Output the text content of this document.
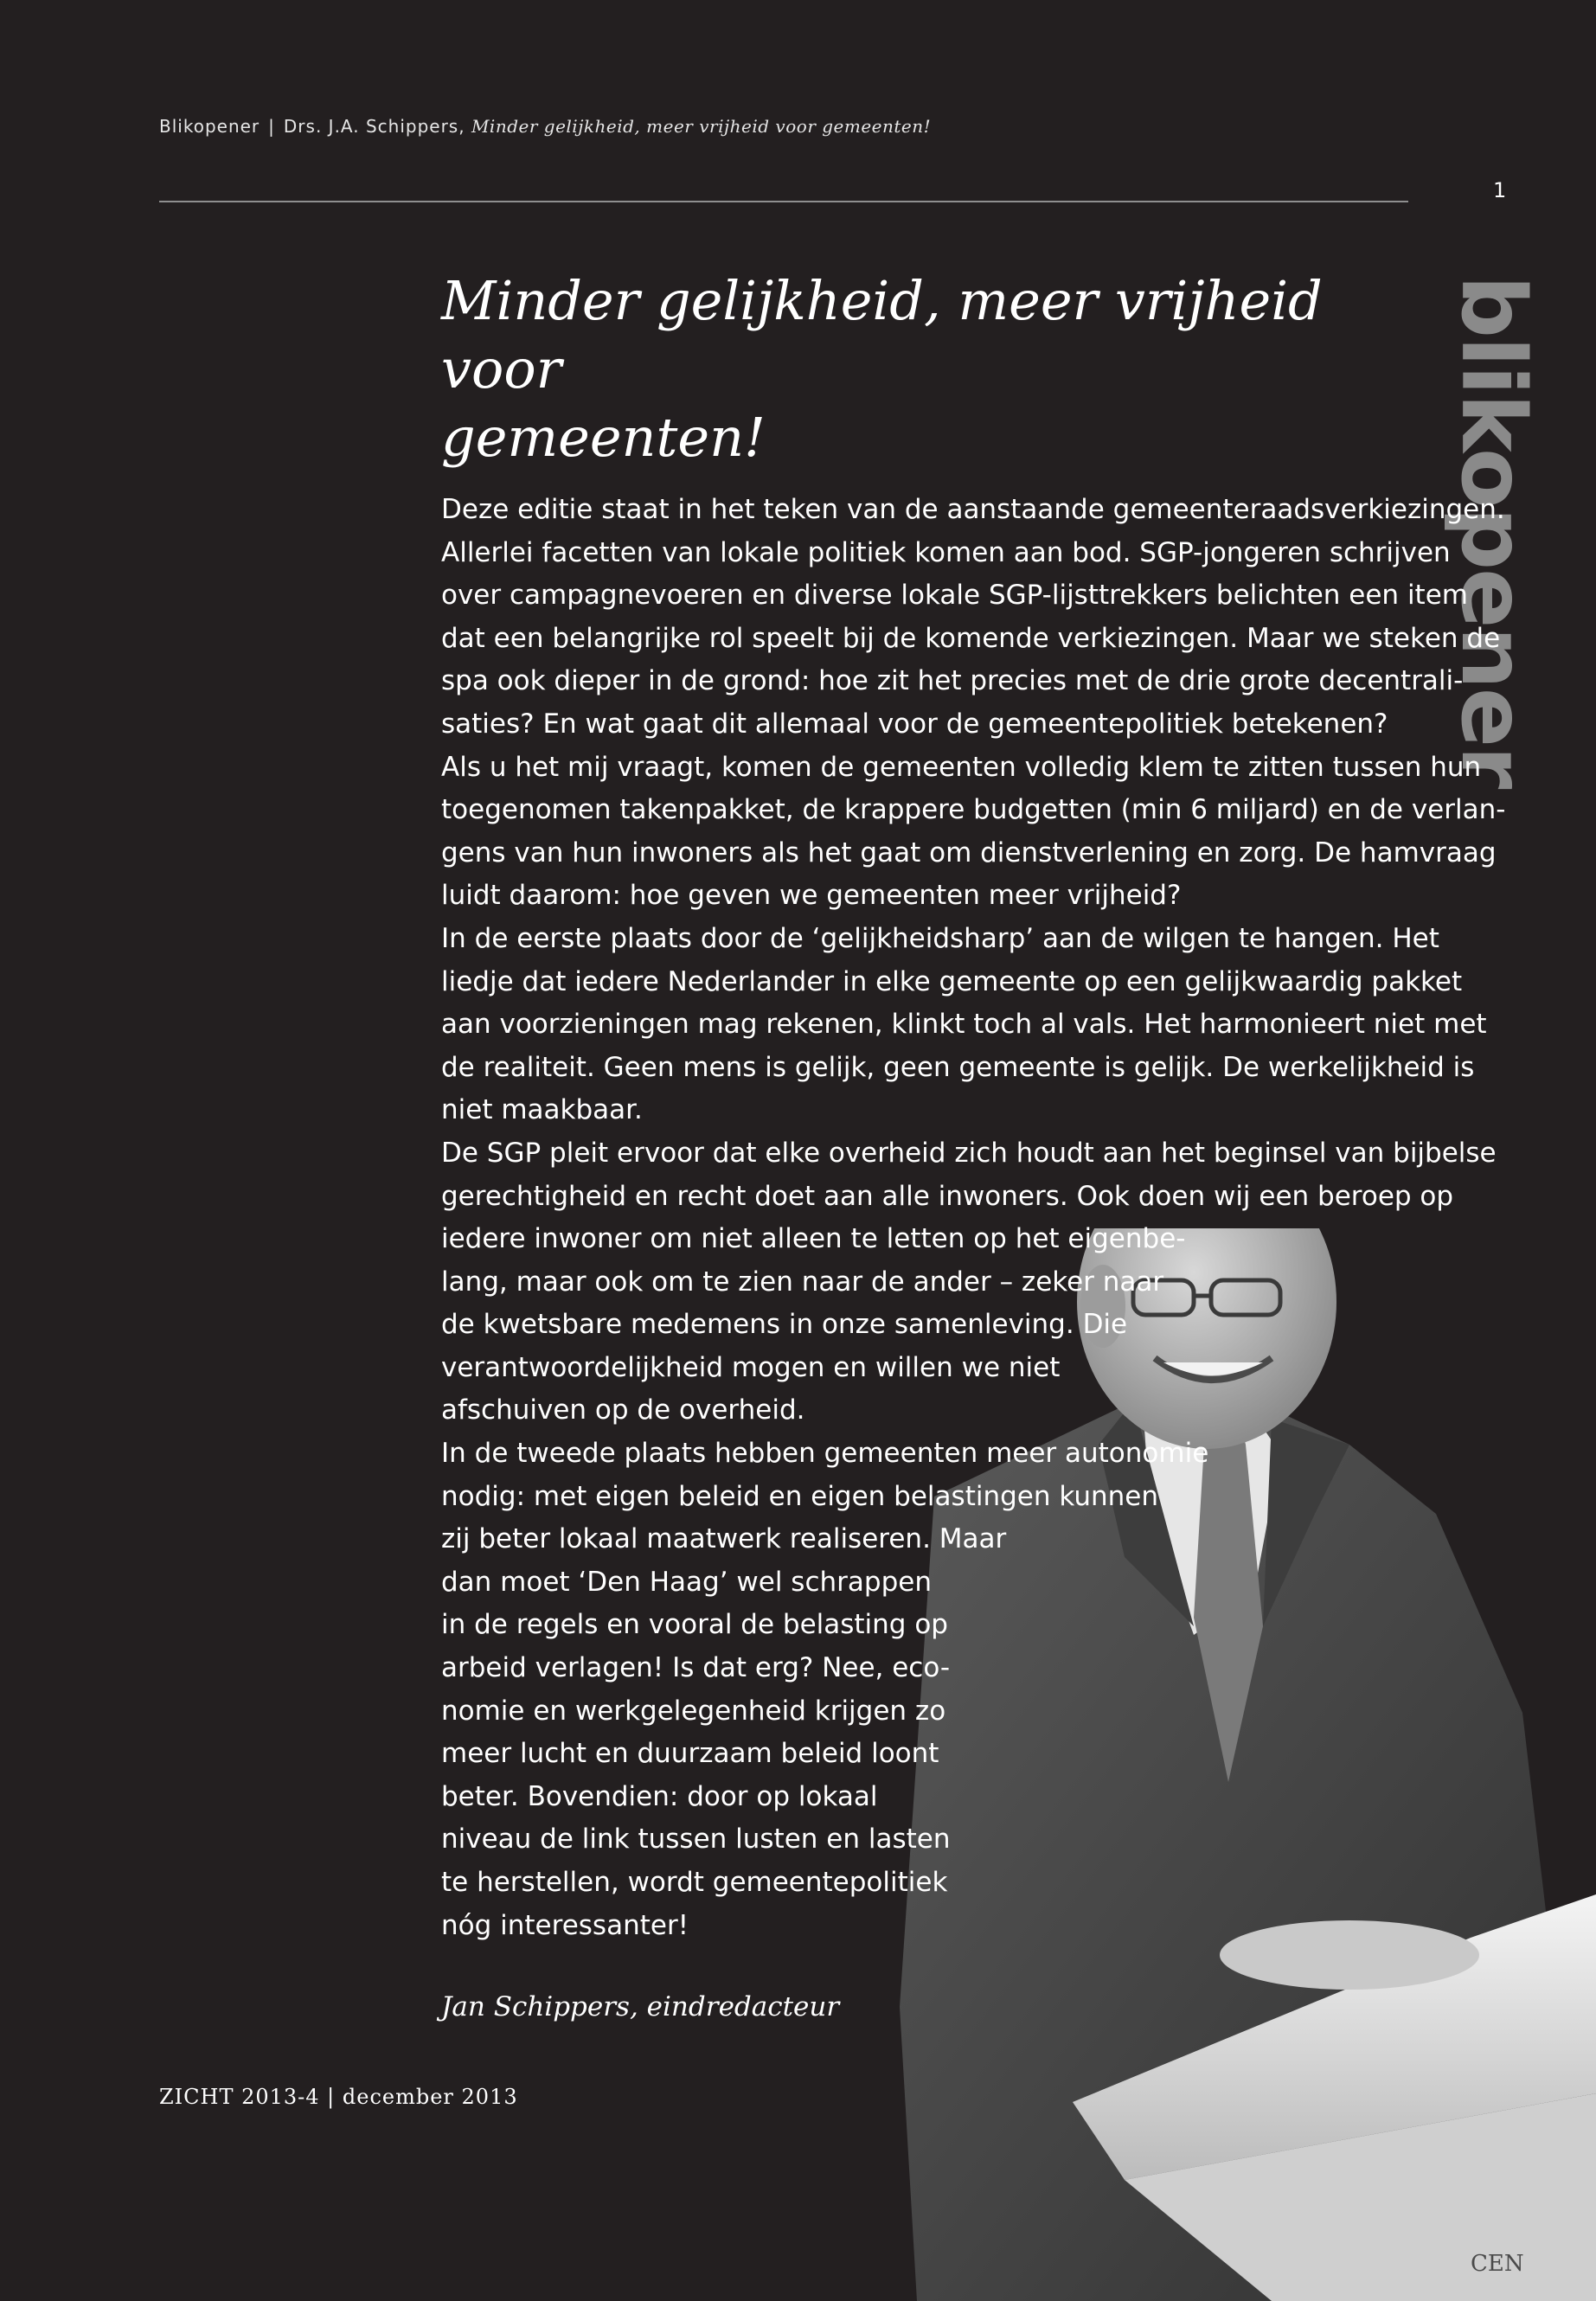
Blikopener | Drs. J.A. Schippers, Minder gelijkheid, meer vrijheid voor gemeenten!
1
blikopener
Minder gelijkheid, meer vrijheid voor
gemeenten!
CEN
Deze editie staat in het teken van de aanstaande gemeenteraadsverkiezingen.
Allerlei facetten van lokale politiek komen aan bod. SGP-jongeren schrijven
over campagnevoeren en diverse lokale SGP-lijsttrekkers belichten een item
dat een belangrijke rol speelt bij de komende verkiezingen. Maar we steken de
spa ook dieper in de grond: hoe zit het precies met de drie grote decentrali-
saties? En wat gaat dit allemaal voor de gemeentepolitiek betekenen?
Als u het mij vraagt, komen de gemeenten volledig klem te zitten tussen hun
toegenomen takenpakket, de krappere budgetten (min 6 miljard) en de verlan-
gens van hun inwoners als het gaat om dienstverlening en zorg. De hamvraag
luidt daarom: hoe geven we gemeenten meer vrijheid?
In de eerste plaats door de ‘gelijkheidsharp’ aan de wilgen te hangen. Het
liedje dat iedere Nederlander in elke gemeente op een gelijkwaardig pakket
aan voorzieningen mag rekenen, klinkt toch al vals. Het harmonieert niet met
de realiteit. Geen mens is gelijk, geen gemeente is gelijk. De werkelijkheid is
niet maakbaar.
De SGP pleit ervoor dat elke overheid zich houdt aan het beginsel van bijbelse
gerechtigheid en recht doet aan alle inwoners. Ook doen wij een beroep op
iedere inwoner om niet alleen te letten op het eigenbe-
lang, maar ook om te zien naar de ander – zeker naar
de kwetsbare medemens in onze samenleving. Die
verantwoordelijkheid mogen en willen we niet
afschuiven op de overheid.
In de tweede plaats hebben gemeenten meer autonomie
nodig: met eigen beleid en eigen belastingen kunnen
zij beter lokaal maatwerk realiseren. Maar
dan moet ‘Den Haag’ wel schrappen
in de regels en vooral de belasting op
arbeid verlagen! Is dat erg? Nee, eco-
nomie en werkgelegenheid krijgen zo
meer lucht en duurzaam beleid loont
beter. Bovendien: door op lokaal
niveau de link tussen lusten en lasten
te herstellen, wordt gemeentepolitiek
nóg interessanter!
Jan Schippers, eindredacteur
ZICHT 2013-4 | december 2013
